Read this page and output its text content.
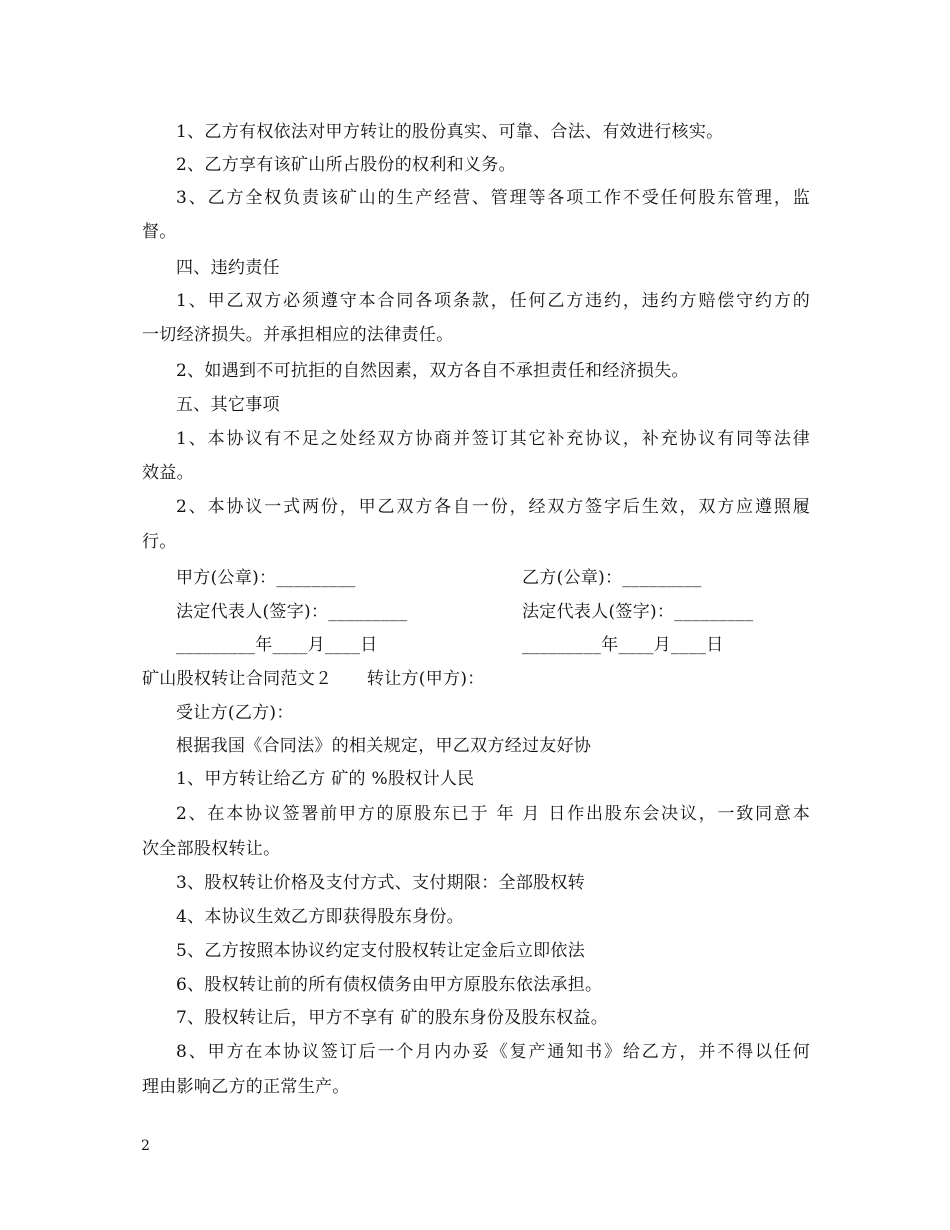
1、乙方有权依法对甲方转让的股份真实、可靠、合法、有效进行核实。
2、乙方享有该矿山所占股份的权利和义务。
3、乙方全权负责该矿山的生产经营、管理等各项工作不受任何股东管理，监
督。
四、违约责任
1、甲乙双方必须遵守本合同各项条款，任何乙方违约，违约方赔偿守约方的
一切经济损失。并承担相应的法律责任。
2、如遇到不可抗拒的自然因素，双方各自不承担责任和经济损失。
五、其它事项
1、本协议有不足之处经双方协商并签订其它补充协议，补充协议有同等法律
效益。
2、本协议一式两份，甲乙双方各自一份，经双方签字后生效，双方应遵照履
行。
甲方(公章)：_________	乙方(公章)：_________
法定代表人(签字)：_________	法定代表人(签字)：_________
_________年____月____日	_________年____月____日
矿山股权转让合同范文２　　转让方(甲方)：
受让方(乙方)：
根据我国《合同法》的相关规定，甲乙双方经过友好协
1、甲方转让给乙方 矿的 %股权计人民
2、在本协议签署前甲方的原股东已于 年 月 日作出股东会决议，一致同意本
次全部股权转让。
3、股权转让价格及支付方式、支付期限：全部股权转
4、本协议生效乙方即获得股东身份。
5、乙方按照本协议约定支付股权转让定金后立即依法
6、股权转让前的所有债权债务由甲方原股东依法承担。
7、股权转让后，甲方不享有 矿的股东身份及股东权益。
8、甲方在本协议签订后一个月内办妥《复产通知书》给乙方，并不得以任何
理由影响乙方的正常生产。
2
